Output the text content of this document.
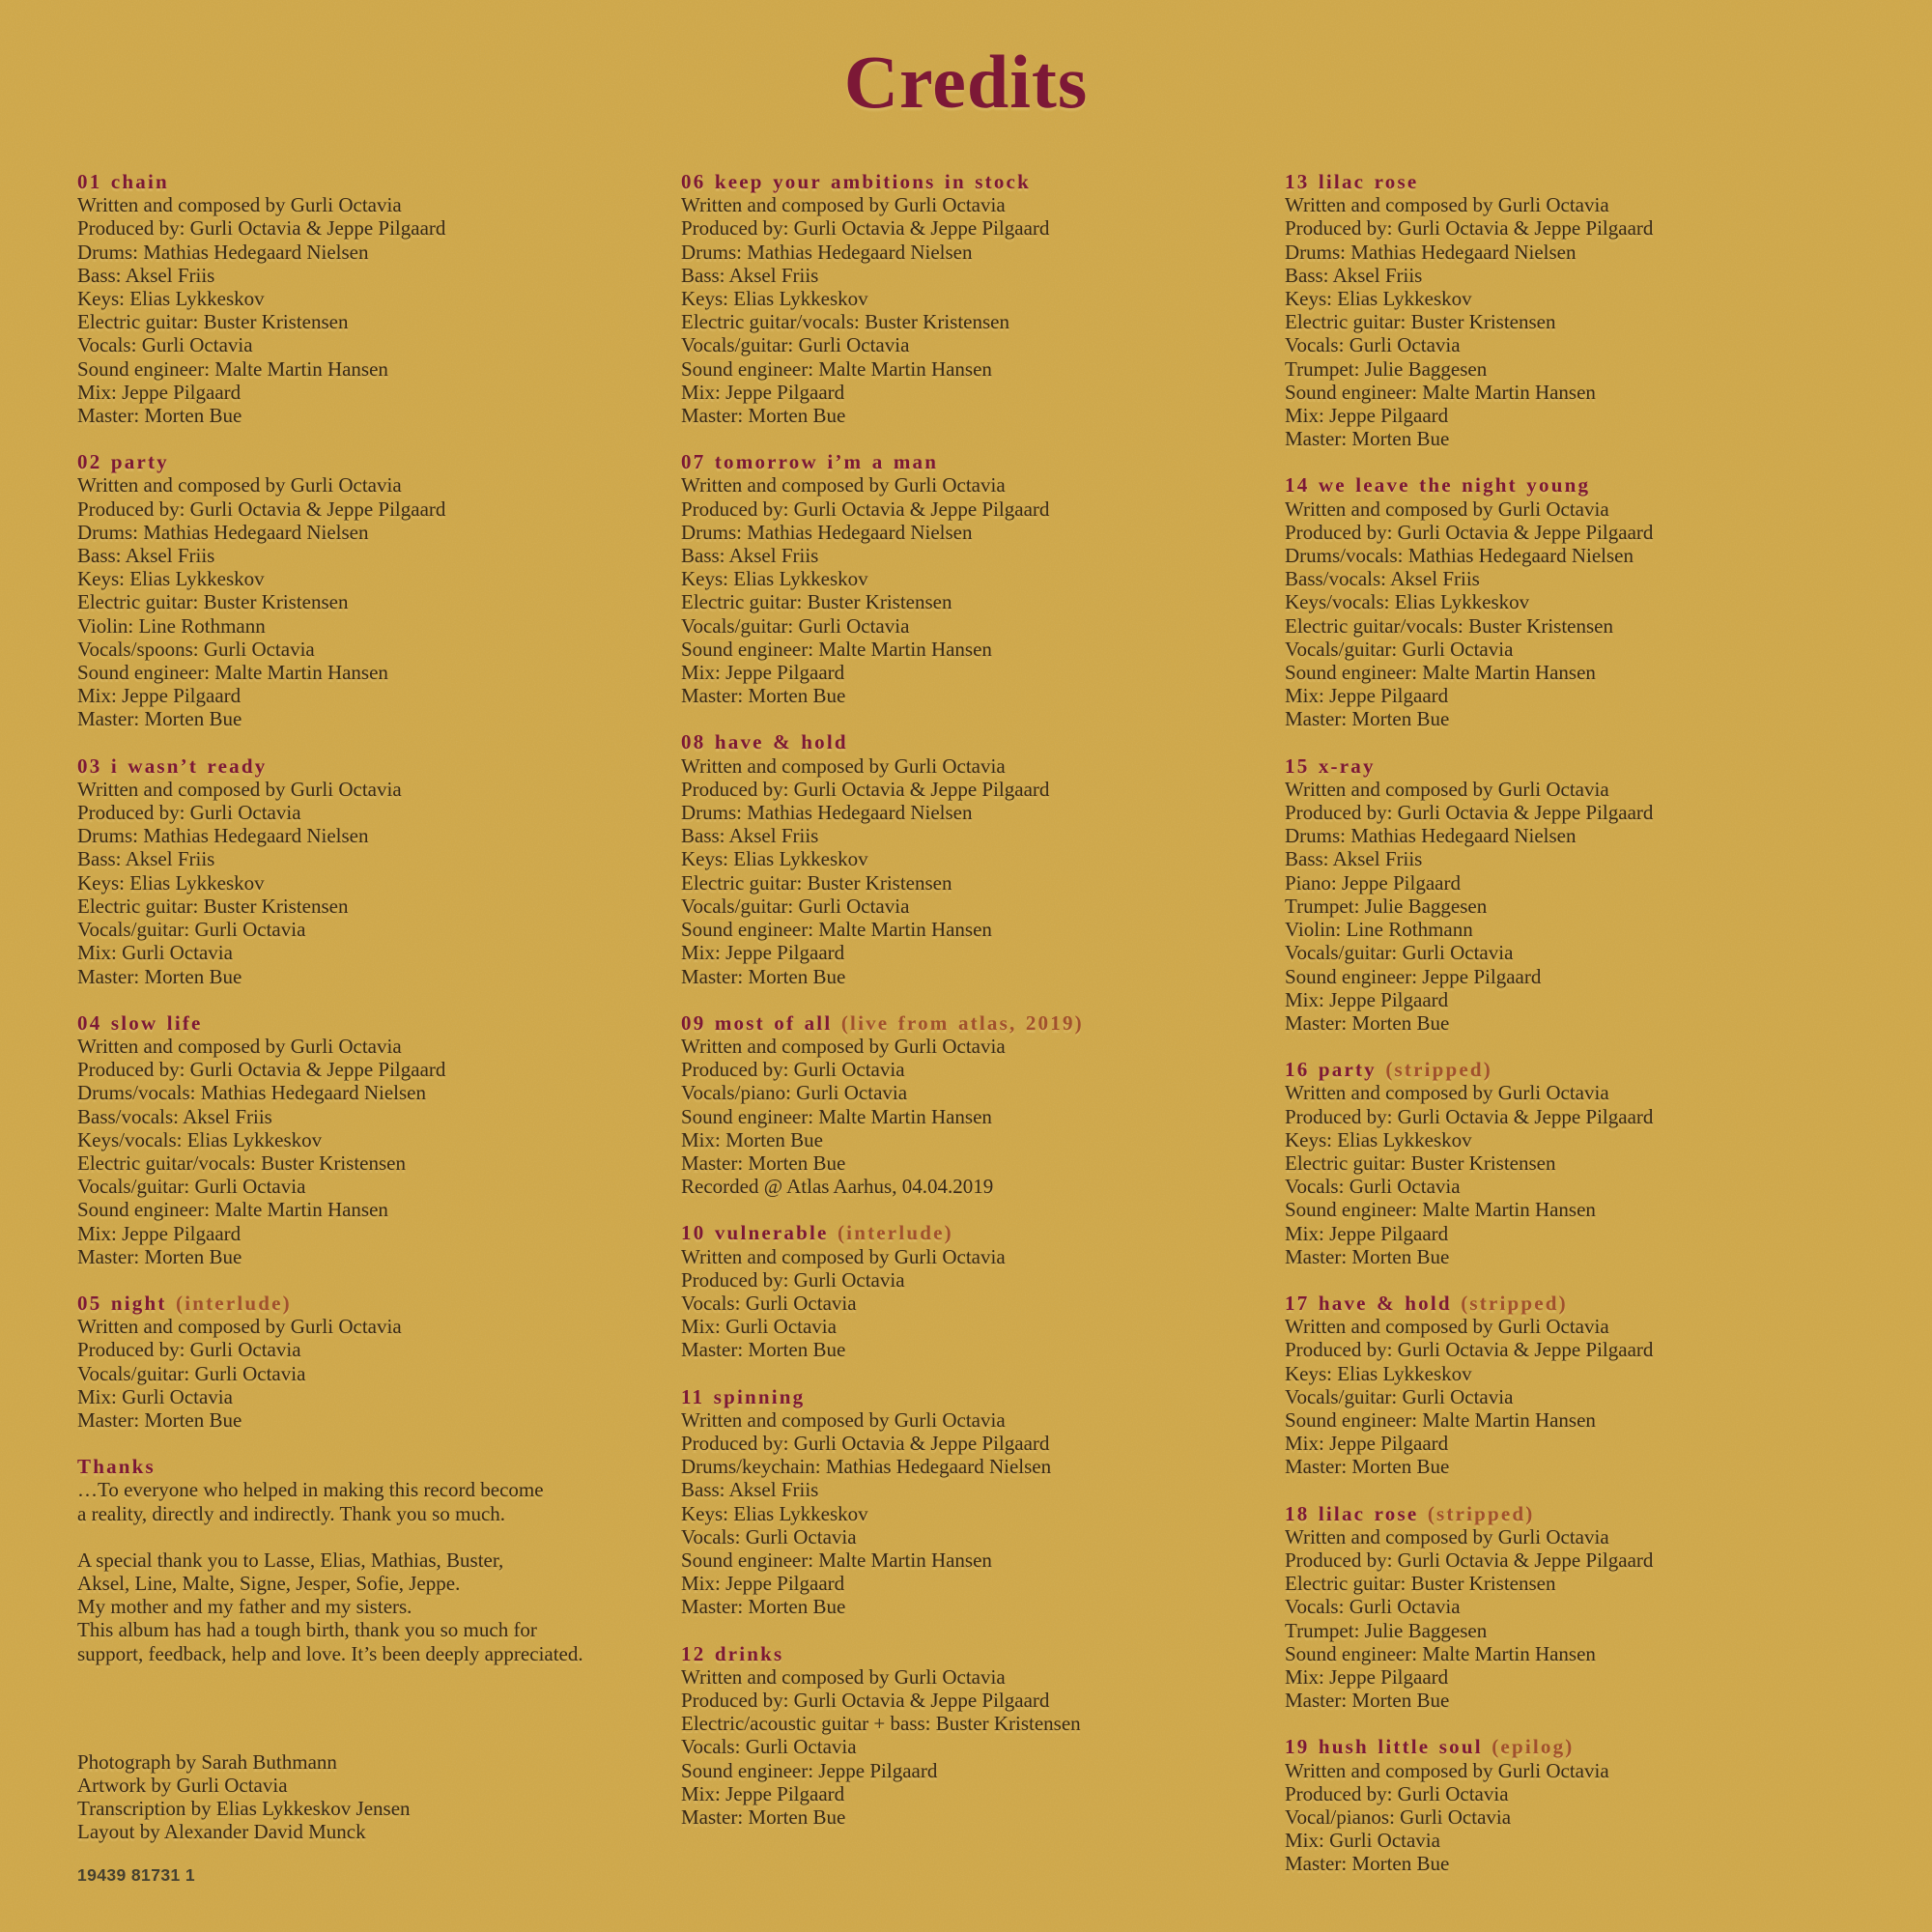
Credits
01 chain
Written and composed by Gurli Octavia
Produced by: Gurli Octavia & Jeppe Pilgaard
Drums: Mathias Hedegaard Nielsen
Bass: Aksel Friis
Keys: Elias Lykkeskov
Electric guitar: Buster Kristensen
Vocals: Gurli Octavia
Sound engineer: Malte Martin Hansen
Mix: Jeppe Pilgaard
Master: Morten Bue
02 party
Written and composed by Gurli Octavia
Produced by: Gurli Octavia & Jeppe Pilgaard
Drums: Mathias Hedegaard Nielsen
Bass: Aksel Friis
Keys: Elias Lykkeskov
Electric guitar: Buster Kristensen
Violin: Line Rothmann
Vocals/spoons: Gurli Octavia
Sound engineer: Malte Martin Hansen
Mix: Jeppe Pilgaard
Master: Morten Bue
03 i wasn’t ready
Written and composed by Gurli Octavia
Produced by: Gurli Octavia
Drums: Mathias Hedegaard Nielsen
Bass: Aksel Friis
Keys: Elias Lykkeskov
Electric guitar: Buster Kristensen
Vocals/guitar: Gurli Octavia
Mix: Gurli Octavia
Master: Morten Bue
04 slow life
Written and composed by Gurli Octavia
Produced by: Gurli Octavia & Jeppe Pilgaard
Drums/vocals: Mathias Hedegaard Nielsen
Bass/vocals: Aksel Friis
Keys/vocals: Elias Lykkeskov
Electric guitar/vocals: Buster Kristensen
Vocals/guitar: Gurli Octavia
Sound engineer: Malte Martin Hansen
Mix: Jeppe Pilgaard
Master: Morten Bue
05 night (interlude)
Written and composed by Gurli Octavia
Produced by: Gurli Octavia
Vocals/guitar: Gurli Octavia
Mix: Gurli Octavia
Master: Morten Bue
Thanks
…To everyone who helped in making this record become
a reality, directly and indirectly. Thank you so much.
A special thank you to Lasse, Elias, Mathias, Buster,
Aksel, Line, Malte, Signe, Jesper, Sofie, Jeppe.
My mother and my father and my sisters.
This album has had a tough birth, thank you so much for
support, feedback, help and love. It’s been deeply appreciated.
Photograph by Sarah Buthmann
Artwork by Gurli Octavia
Transcription by Elias Lykkeskov Jensen
Layout by Alexander David Munck
19439 81731 1
06 keep your ambitions in stock
Written and composed by Gurli Octavia
Produced by: Gurli Octavia & Jeppe Pilgaard
Drums: Mathias Hedegaard Nielsen
Bass: Aksel Friis
Keys: Elias Lykkeskov
Electric guitar/vocals: Buster Kristensen
Vocals/guitar: Gurli Octavia
Sound engineer: Malte Martin Hansen
Mix: Jeppe Pilgaard
Master: Morten Bue
07 tomorrow i’m a man
Written and composed by Gurli Octavia
Produced by: Gurli Octavia & Jeppe Pilgaard
Drums: Mathias Hedegaard Nielsen
Bass: Aksel Friis
Keys: Elias Lykkeskov
Electric guitar: Buster Kristensen
Vocals/guitar: Gurli Octavia
Sound engineer: Malte Martin Hansen
Mix: Jeppe Pilgaard
Master: Morten Bue
08 have & hold
Written and composed by Gurli Octavia
Produced by: Gurli Octavia & Jeppe Pilgaard
Drums: Mathias Hedegaard Nielsen
Bass: Aksel Friis
Keys: Elias Lykkeskov
Electric guitar: Buster Kristensen
Vocals/guitar: Gurli Octavia
Sound engineer: Malte Martin Hansen
Mix: Jeppe Pilgaard
Master: Morten Bue
09 most of all (live from atlas, 2019)
Written and composed by Gurli Octavia
Produced by: Gurli Octavia
Vocals/piano: Gurli Octavia
Sound engineer: Malte Martin Hansen
Mix: Morten Bue
Master: Morten Bue
Recorded @ Atlas Aarhus, 04.04.2019
10 vulnerable (interlude)
Written and composed by Gurli Octavia
Produced by: Gurli Octavia
Vocals: Gurli Octavia
Mix: Gurli Octavia
Master: Morten Bue
11 spinning
Written and composed by Gurli Octavia
Produced by: Gurli Octavia & Jeppe Pilgaard
Drums/keychain: Mathias Hedegaard Nielsen
Bass: Aksel Friis
Keys: Elias Lykkeskov
Vocals: Gurli Octavia
Sound engineer: Malte Martin Hansen
Mix: Jeppe Pilgaard
Master: Morten Bue
12 drinks
Written and composed by Gurli Octavia
Produced by: Gurli Octavia & Jeppe Pilgaard
Electric/acoustic guitar + bass: Buster Kristensen
Vocals: Gurli Octavia
Sound engineer: Jeppe Pilgaard
Mix: Jeppe Pilgaard
Master: Morten Bue
13 lilac rose
Written and composed by Gurli Octavia
Produced by: Gurli Octavia & Jeppe Pilgaard
Drums: Mathias Hedegaard Nielsen
Bass: Aksel Friis
Keys: Elias Lykkeskov
Electric guitar: Buster Kristensen
Vocals: Gurli Octavia
Trumpet: Julie Baggesen
Sound engineer: Malte Martin Hansen
Mix: Jeppe Pilgaard
Master: Morten Bue
14 we leave the night young
Written and composed by Gurli Octavia
Produced by: Gurli Octavia & Jeppe Pilgaard
Drums/vocals: Mathias Hedegaard Nielsen
Bass/vocals: Aksel Friis
Keys/vocals: Elias Lykkeskov
Electric guitar/vocals: Buster Kristensen
Vocals/guitar: Gurli Octavia
Sound engineer: Malte Martin Hansen
Mix: Jeppe Pilgaard
Master: Morten Bue
15 x-ray
Written and composed by Gurli Octavia
Produced by: Gurli Octavia & Jeppe Pilgaard
Drums: Mathias Hedegaard Nielsen
Bass: Aksel Friis
Piano: Jeppe Pilgaard
Trumpet: Julie Baggesen
Violin: Line Rothmann
Vocals/guitar: Gurli Octavia
Sound engineer: Jeppe Pilgaard
Mix: Jeppe Pilgaard
Master: Morten Bue
16 party (stripped)
Written and composed by Gurli Octavia
Produced by: Gurli Octavia & Jeppe Pilgaard
Keys: Elias Lykkeskov
Electric guitar: Buster Kristensen
Vocals: Gurli Octavia
Sound engineer: Malte Martin Hansen
Mix: Jeppe Pilgaard
Master: Morten Bue
17 have & hold (stripped)
Written and composed by Gurli Octavia
Produced by: Gurli Octavia & Jeppe Pilgaard
Keys: Elias Lykkeskov
Vocals/guitar: Gurli Octavia
Sound engineer: Malte Martin Hansen
Mix: Jeppe Pilgaard
Master: Morten Bue
18 lilac rose (stripped)
Written and composed by Gurli Octavia
Produced by: Gurli Octavia & Jeppe Pilgaard
Electric guitar: Buster Kristensen
Vocals: Gurli Octavia
Trumpet: Julie Baggesen
Sound engineer: Malte Martin Hansen
Mix: Jeppe Pilgaard
Master: Morten Bue
19 hush little soul (epilog)
Written and composed by Gurli Octavia
Produced by: Gurli Octavia
Vocal/pianos: Gurli Octavia
Mix: Gurli Octavia
Master: Morten Bue
